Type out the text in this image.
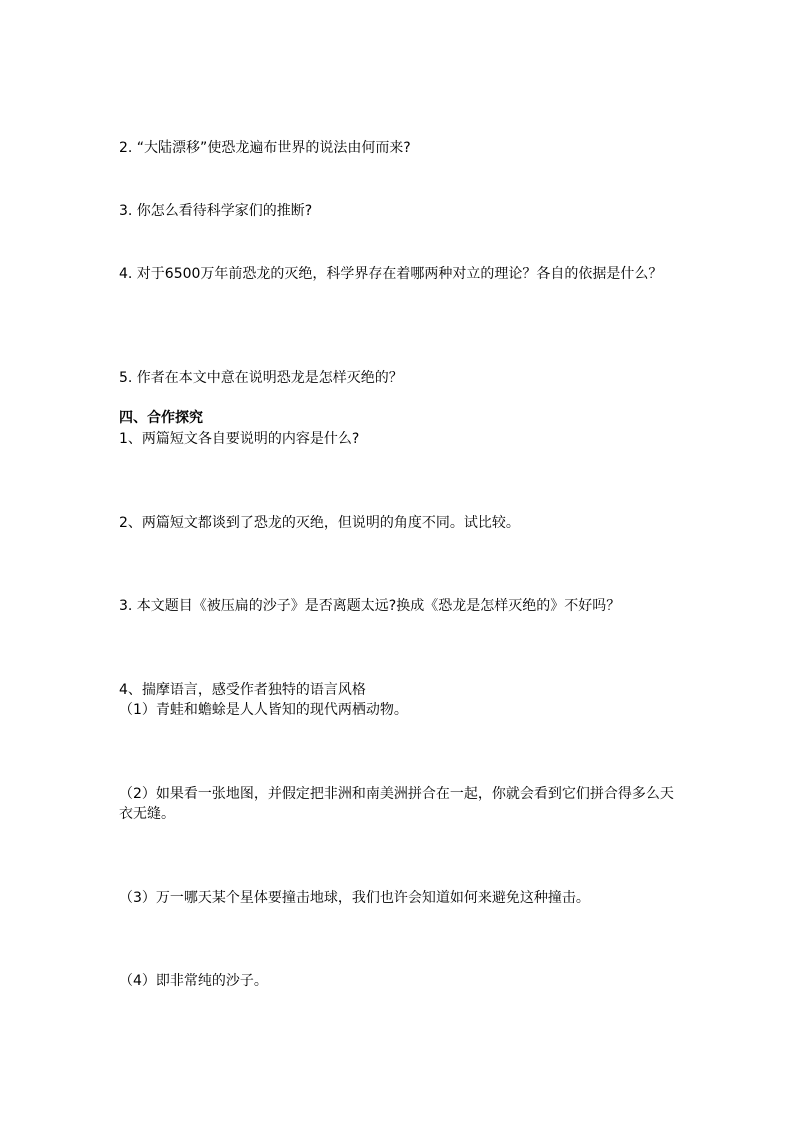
2. “大陆漂移”使恐龙遍布世界的说法由何而来?
3. 你怎么看待科学家们的推断?
4. 对于6500万年前恐龙的灭绝，科学界存在着哪两种对立的理论？各自的依据是什么？
5. 作者在本文中意在说明恐龙是怎样灭绝的？
四、合作探究
1、两篇短文各自要说明的内容是什么?
2、两篇短文都谈到了恐龙的灭绝，但说明的角度不同。试比较。
3. 本文题目《被压扁的沙子》是否离题太远?换成《恐龙是怎样灭绝的》不好吗？
4、揣摩语言，感受作者独特的语言风格
（1）青蛙和蟾蜍是人人皆知的现代两栖动物。
（2）如果看一张地图，并假定把非洲和南美洲拼合在一起，你就会看到它们拼合得多么天衣无缝。
（3）万一哪天某个星体要撞击地球，我们也许会知道如何来避免这种撞击。
（4）即非常纯的沙子。
